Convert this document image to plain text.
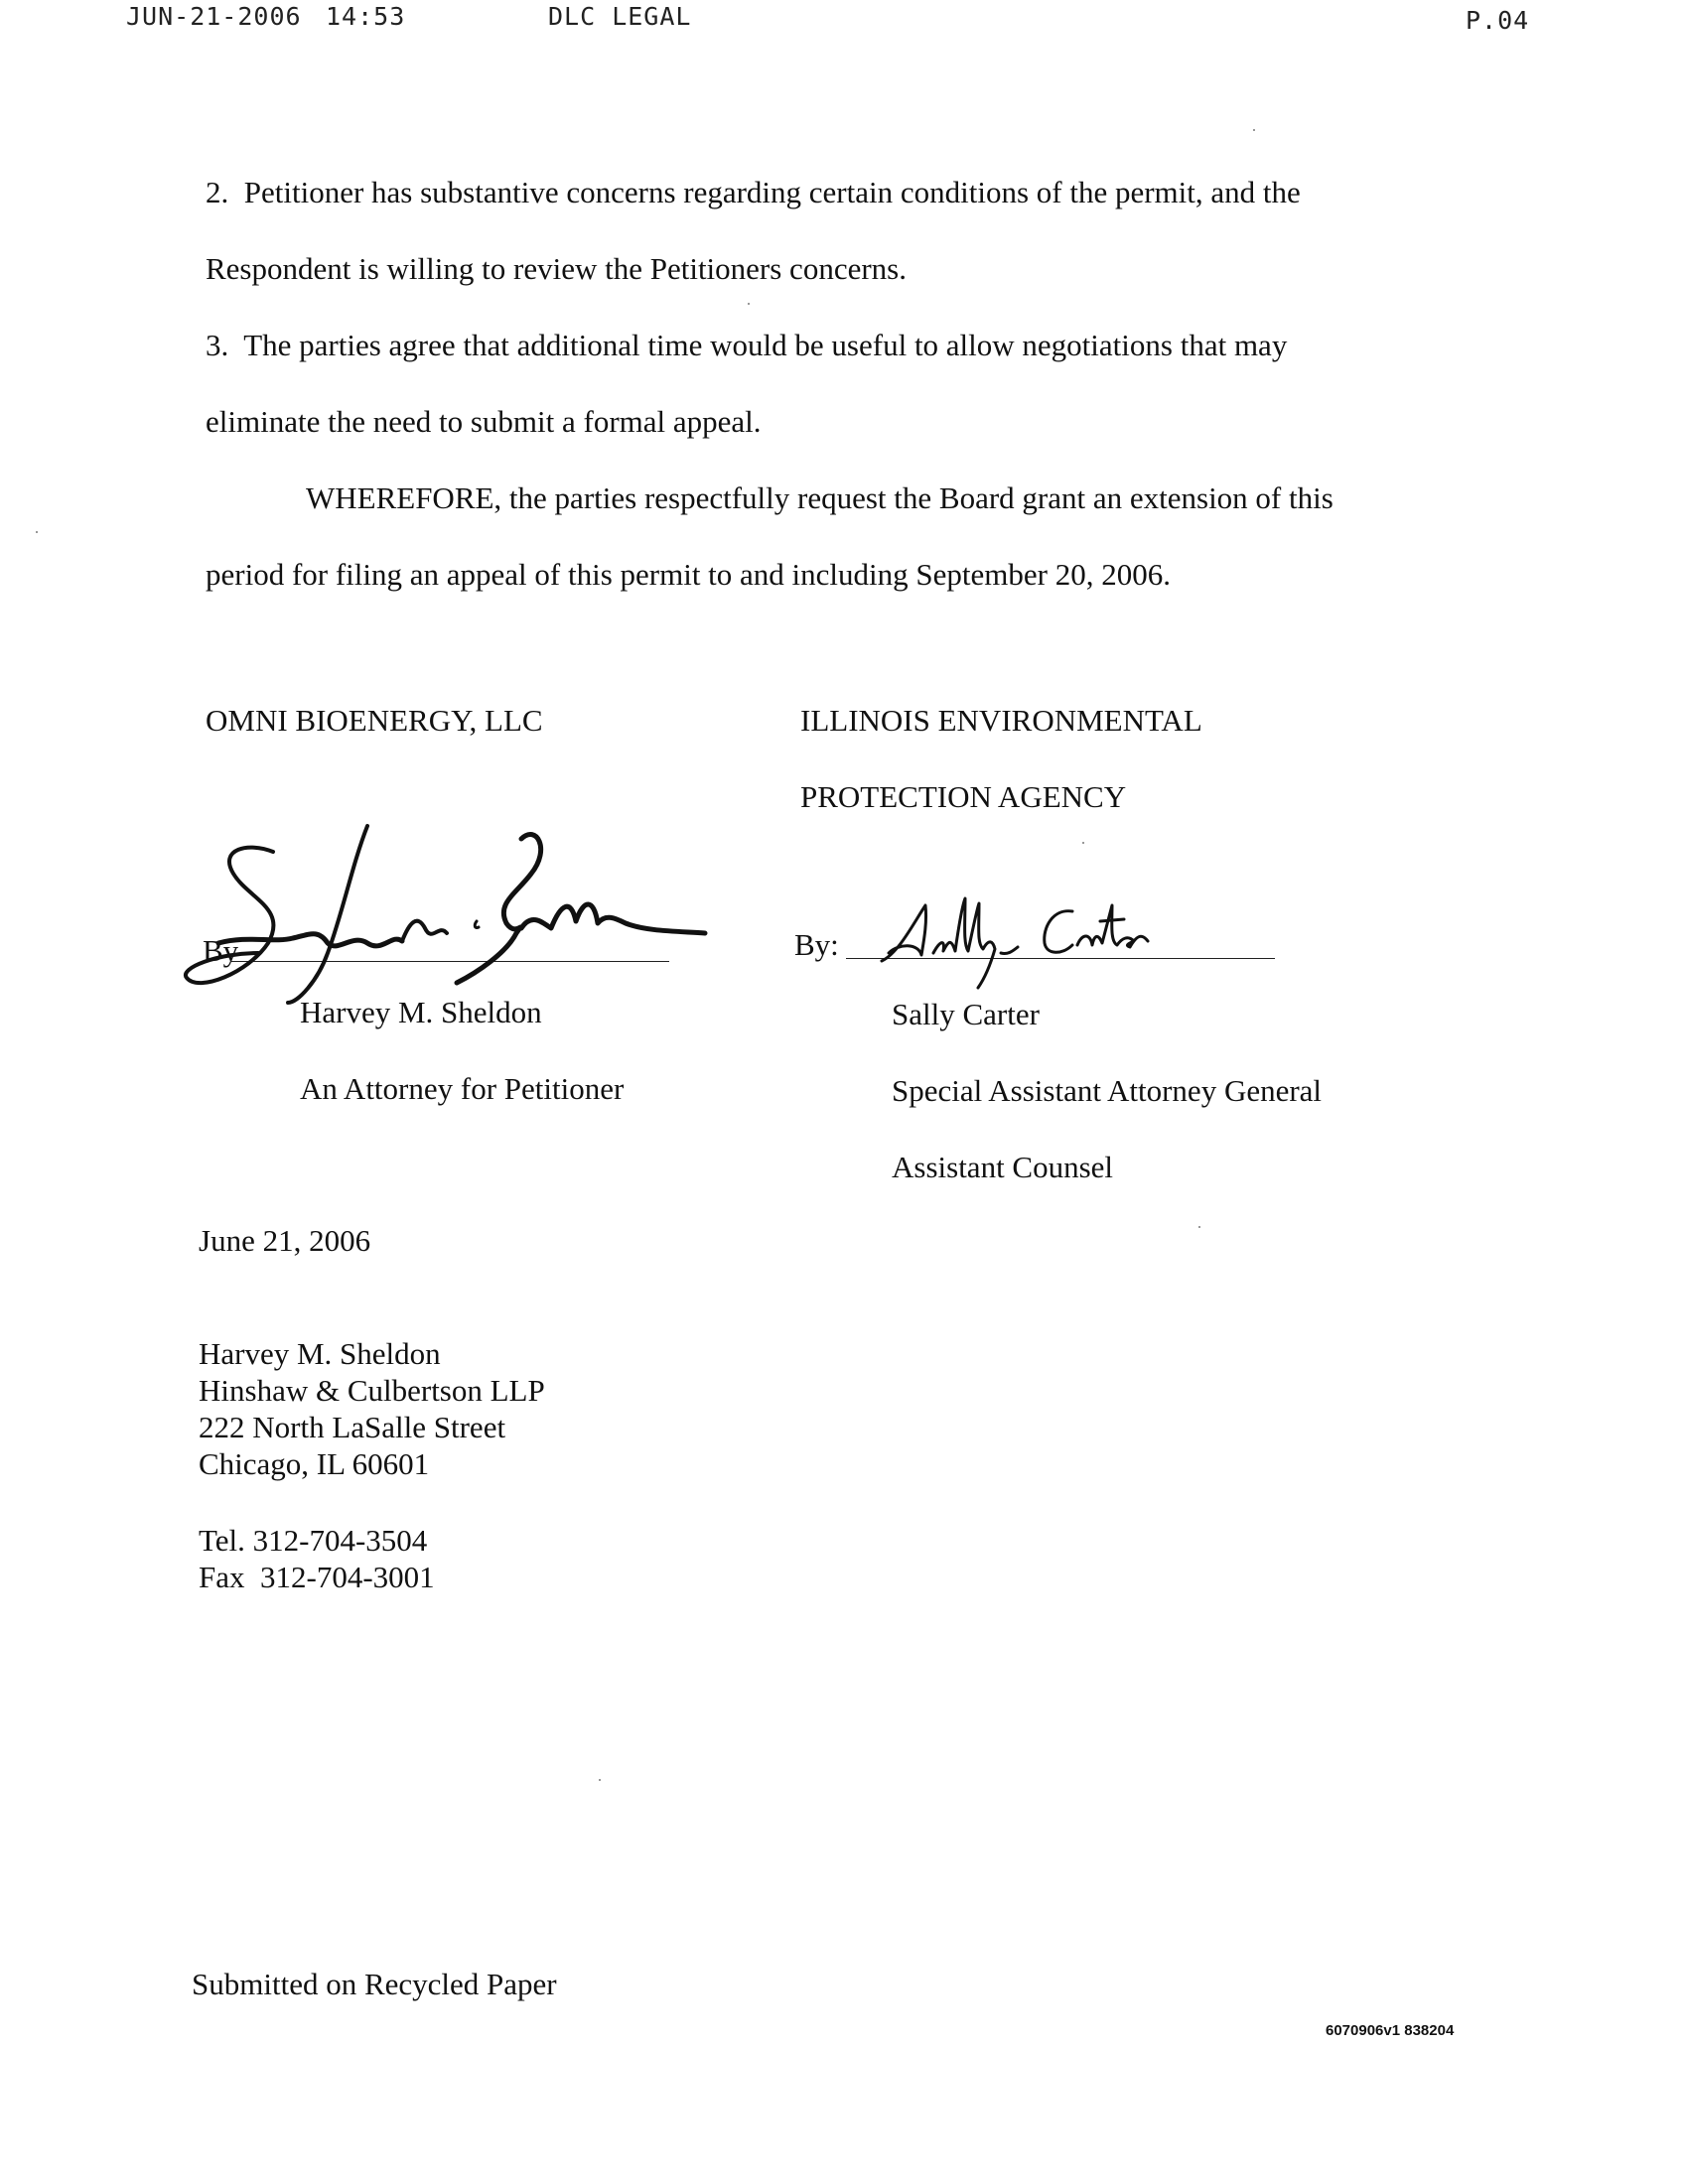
JUN-21-2006 14:53	DLC LEGAL	P.04
2.  Petitioner has substantive concerns regarding certain conditions of the permit, and the
Respondent is willing to review the Petitioners concerns.
3.  The parties agree that additional time would be useful to allow negotiations that may
eliminate the need to submit a formal appeal.
WHEREFORE, the parties respectfully request the Board grant an extension of this
period for filing an appeal of this permit to and including September 20, 2006.
OMNI BIOENERGY, LLC	ILLINOIS ENVIRONMENTAL
PROTECTION AGENCY
By
Harvey M. Sheldon
An Attorney for Petitioner
By:
Sally Carter
Special Assistant Attorney General
Assistant Counsel
June 21, 2006
Harvey M. Sheldon
Hinshaw & Culbertson LLP
222 North LaSalle Street
Chicago, IL 60601
Tel. 312-704-3504
Fax  312-704-3001
Submitted on Recycled Paper
6070906v1 838204
